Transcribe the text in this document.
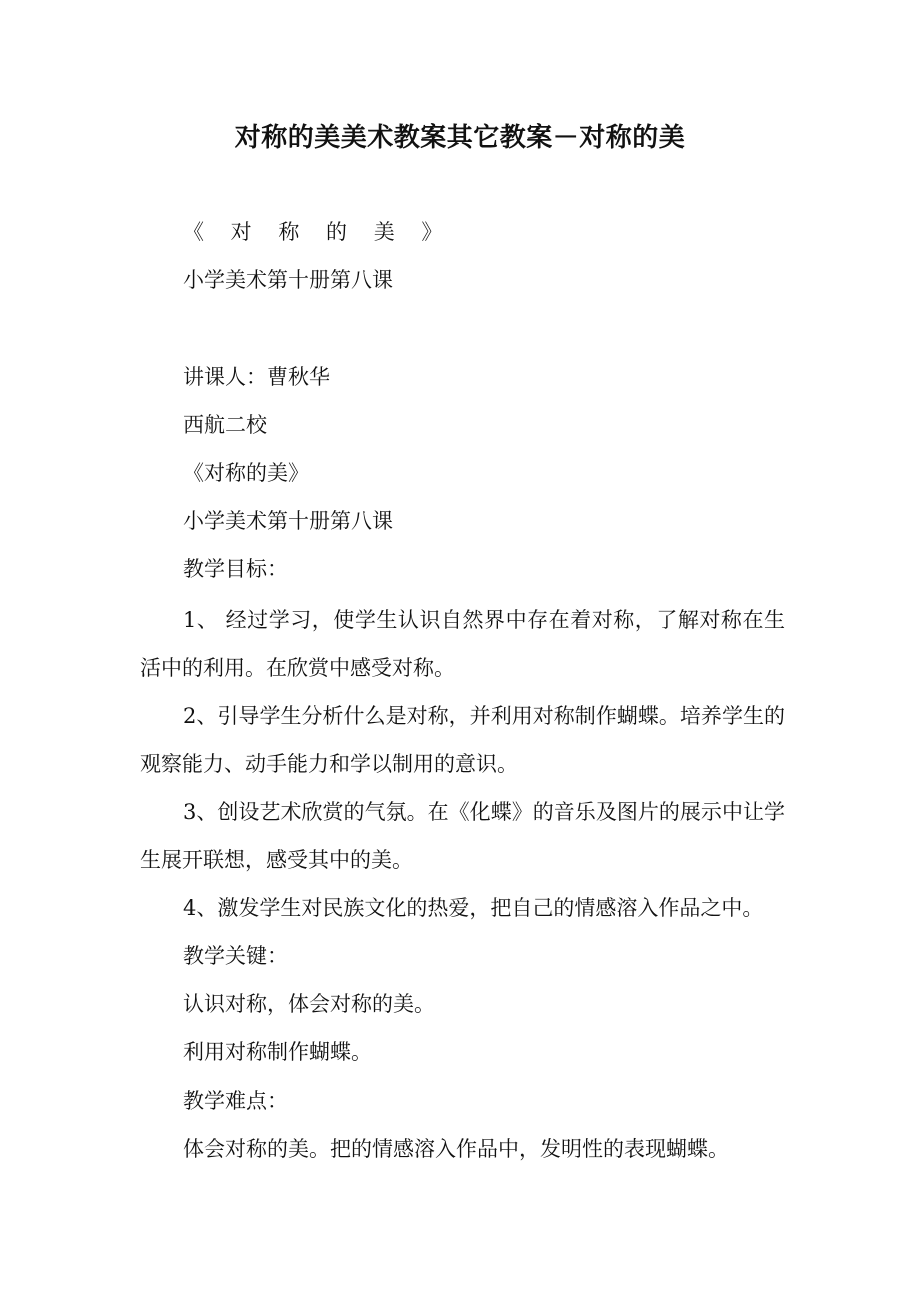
对称的美美术教案其它教案－对称的美
《 对 称 的 美 》
小学美术第十册第八课
讲课人：曹秋华
西航二校
《对称的美》
小学美术第十册第八课
教学目标：
1、 经过学习，使学生认识自然界中存在着对称，了解对称在生活中的利用。在欣赏中感受对称。
2、引导学生分析什么是对称，并利用对称制作蝴蝶。培养学生的观察能力、动手能力和学以制用的意识。
3、创设艺术欣赏的气氛。在《化蝶》的音乐及图片的展示中让学生展开联想，感受其中的美。
4、激发学生对民族文化的热爱，把自己的情感溶入作品之中。
教学关键：
认识对称，体会对称的美。
利用对称制作蝴蝶。
教学难点：
体会对称的美。把的情感溶入作品中，发明性的表现蝴蝶。
